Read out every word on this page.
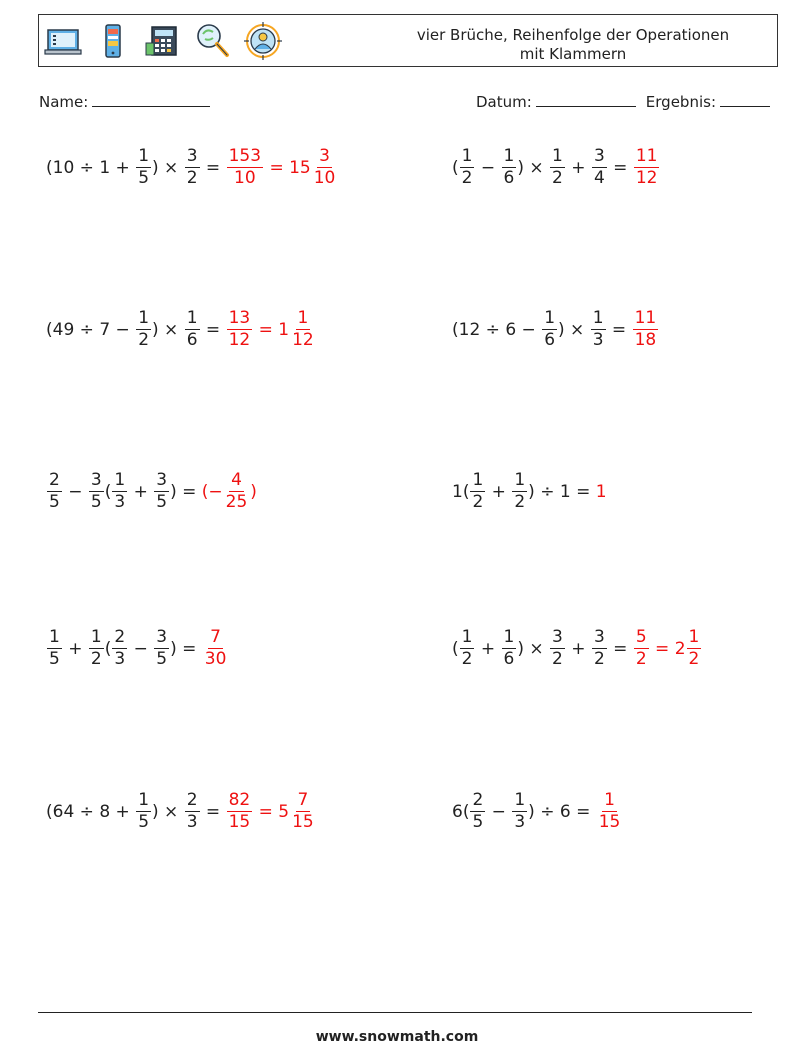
vier Brüche, Reihenfolge der Operationen
mit Klammern
Name:	Datum:	Ergebnis:
($10 \div 1 + \frac{1}{5}$ ) × $\frac{3}{2} = \frac{153}{10} = 15 \frac{3}{10}$	( $\frac{1}{2} - \frac{1}{6}$ ) × $\frac{1}{2} + \frac{3}{4} = \frac{11}{12}$
($49 \div 7 - \frac{1}{2}$ ) × $\frac{1}{6} = \frac{13}{12} = 1 \frac{1}{12}$	($12 \div 6 - \frac{1}{6}$ ) × $\frac{1}{3} = \frac{11}{18}$
$\frac{2}{5} - \frac{3}{5}$ ( $\frac{1}{3} + \frac{3}{5}$ ) = (− $\frac{4}{25}$ )	$1( \frac{1}{2} + \frac{1}{2}$ ) ÷ 1 = 1
$\frac{1}{5} + \frac{1}{2}$ ( $\frac{2}{3} - \frac{3}{5}$ ) = $\frac{7}{30}$	( $\frac{1}{2} + \frac{1}{6}$ ) × $\frac{3}{2} + \frac{3}{2} = \frac{5}{2} = 2 \frac{1}{2}$
($64 \div 8 + \frac{1}{5}$ ) × $\frac{2}{3} = \frac{82}{15} = 5 \frac{7}{15}$	$6( \frac{2}{5} - \frac{1}{3}$ ) ÷ $6 = \frac{1}{15}$
www.snowmath.com
